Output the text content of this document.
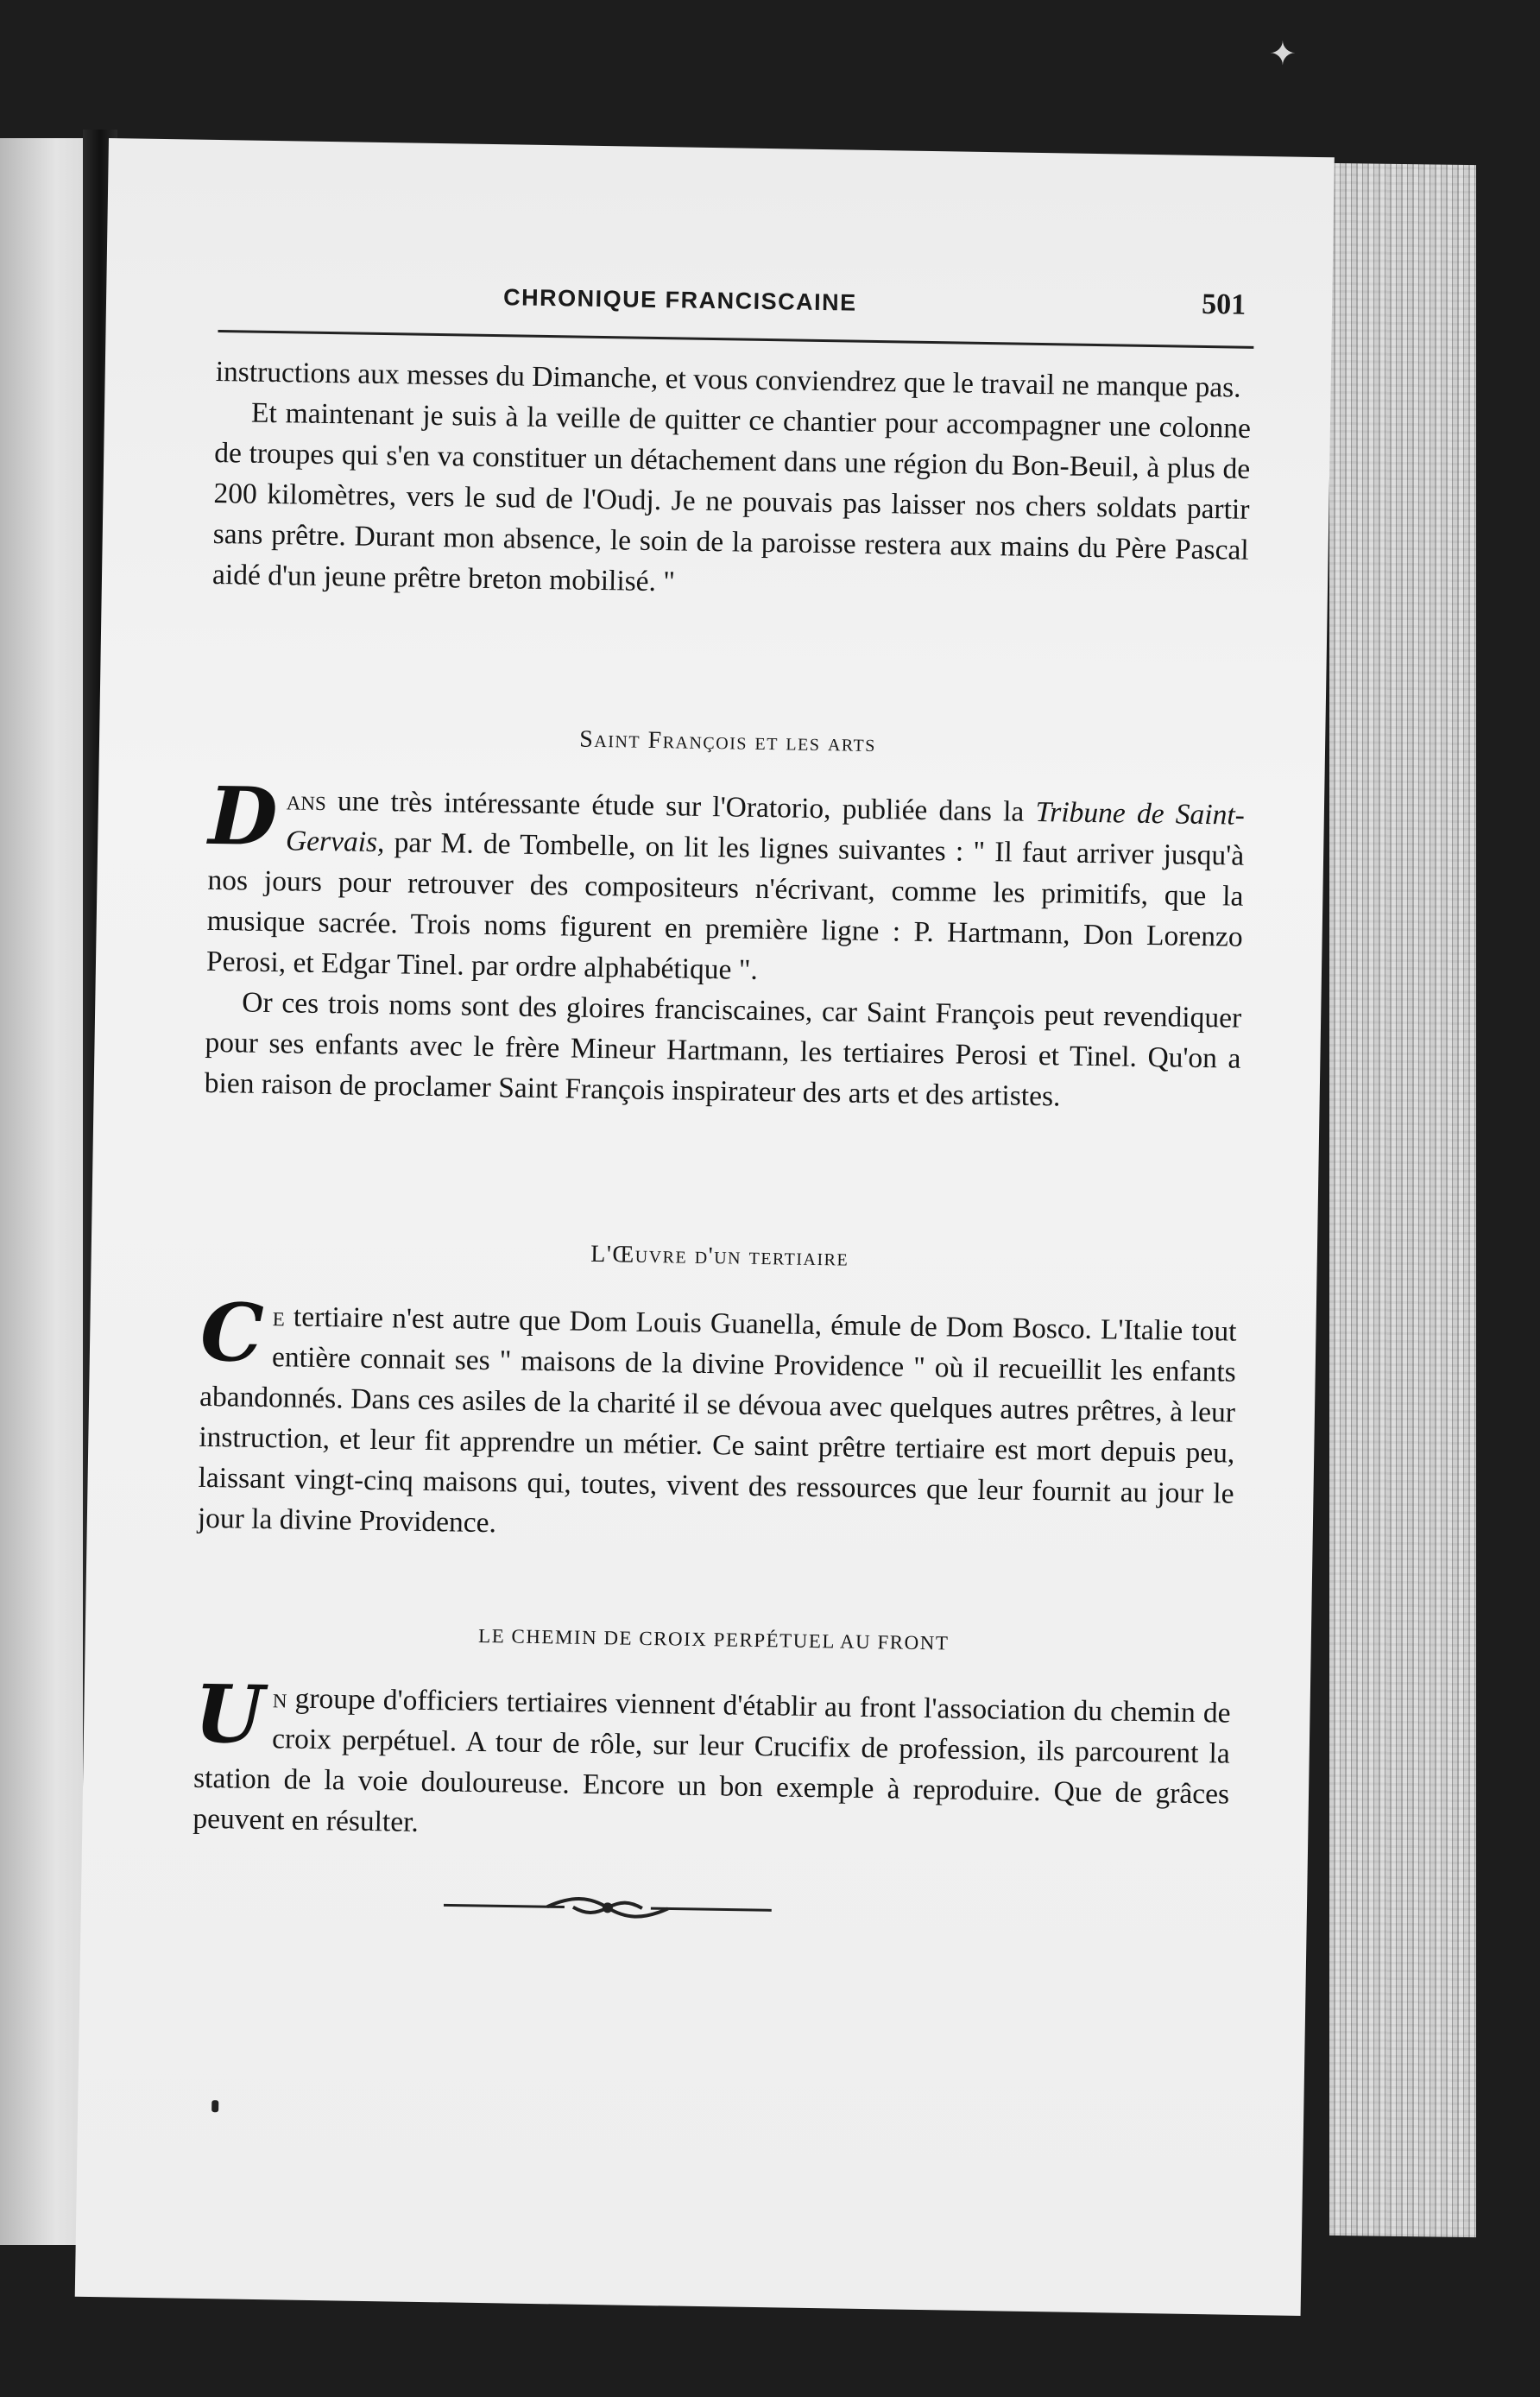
✦
CHRONIQUE FRANCISCAINE	501

instructions aux messes du Dimanche, et vous conviendrez que le travail ne manque pas.

Et maintenant je suis à la veille de quitter ce chantier pour accompagner une colonne de troupes qui s'en va constituer un détachement dans une région du Bon-Beuil, à plus de 200 kilomètres, vers le sud de l'Oudj. Je ne pouvais pas laisser nos chers soldats partir sans prêtre. Durant mon absence, le soin de la paroisse restera aux mains du Père Pascal aidé d'un jeune prêtre breton mobilisé. "

Saint François et les arts

Dans une très intéressante étude sur l'Oratorio, publiée dans la Tribune de Saint-Gervais, par M. de Tombelle, on lit les lignes suivantes : " Il faut arriver jusqu'à nos jours pour retrouver des compositeurs n'écrivant, comme les primitifs, que la musique sacrée. Trois noms figurent en première ligne : P. Hartmann, Don Lorenzo Perosi, et Edgar Tinel. par ordre alphabétique ".

Or ces trois noms sont des gloires franciscaines, car Saint François peut revendiquer pour ses enfants avec le frère Mineur Hartmann, les tertiaires Perosi et Tinel. Qu'on a bien raison de proclamer Saint François inspirateur des arts et des artistes.

L'Œuvre d'un tertiaire

Ce tertiaire n'est autre que Dom Louis Guanella, émule de Dom Bosco. L'Italie tout entière connait ses " maisons de la divine Providence " où il recueillit les enfants abandonnés. Dans ces asiles de la charité il se dévoua avec quelques autres prêtres, à leur instruction, et leur fit apprendre un métier. Ce saint prêtre tertiaire est mort depuis peu, laissant vingt-cinq maisons qui, toutes, vivent des ressources que leur fournit au jour le jour la divine Providence.

LE CHEMIN DE CROIX PERPÉTUEL AU FRONT

Un groupe d'officiers tertiaires viennent d'établir au front l'association du chemin de croix perpétuel. A tour de rôle, sur leur Crucifix de profession, ils parcourent la station de la voie douloureuse. Encore un bon exemple à reproduire. Que de grâces peuvent en résulter.
